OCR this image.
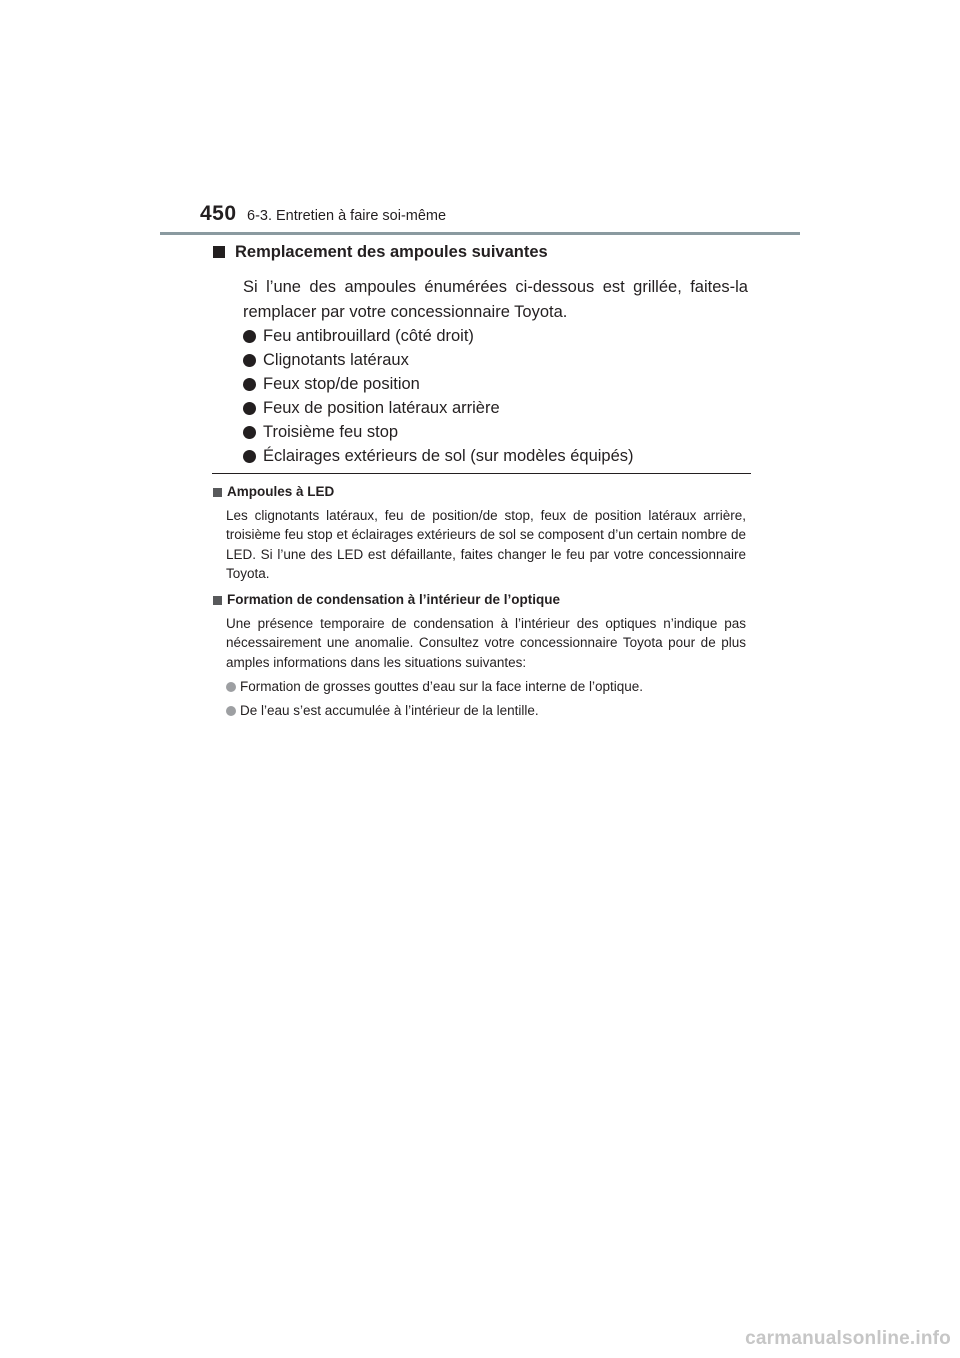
450 6-3. Entretien à faire soi-même
Remplacement des ampoules suivantes

Si l’une des ampoules énumérées ci-dessous est grillée, faites-la remplacer par votre concessionnaire Toyota.

Feu antibrouillard (côté droit)
Clignotants latéraux
Feux stop/de position
Feux de position latéraux arrière
Troisième feu stop
Éclairages extérieurs de sol (sur modèles équipés)
Ampoules à LED

Les clignotants latéraux, feu de position/de stop, feux de position latéraux arrière, troisième feu stop et éclairages extérieurs de sol se composent d’un certain nombre de LED. Si l’une des LED est défaillante, faites changer le feu par votre concessionnaire Toyota.

Formation de condensation à l’intérieur de l’optique

Une présence temporaire de condensation à l’intérieur des optiques n’indique pas nécessairement une anomalie. Consultez votre concessionnaire Toyota pour de plus amples informations dans les situations suivantes:

Formation de grosses gouttes d’eau sur la face interne de l’optique.
De l’eau s’est accumulée à l’intérieur de la lentille.
carmanualsonline.info
